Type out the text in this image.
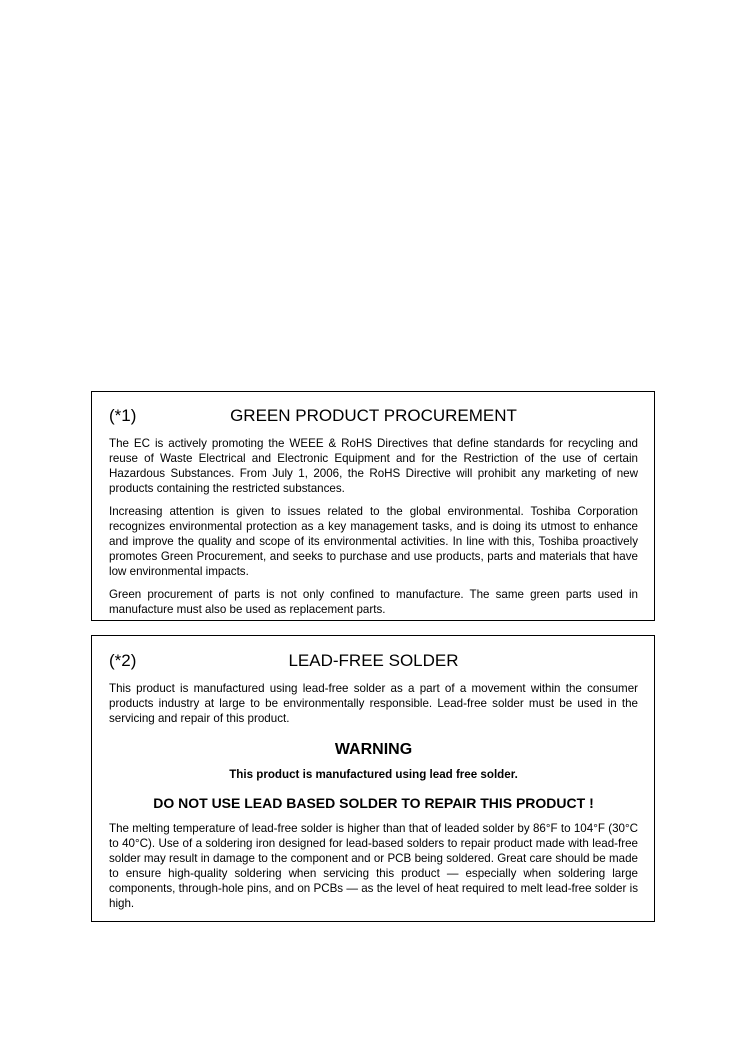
(*1)	GREEN PRODUCT PROCUREMENT

The EC is actively promoting the WEEE & RoHS Directives that define standards for recycling and reuse of Waste Electrical and Electronic Equipment and for the Restriction of the use of certain Hazardous Substances. From July 1, 2006, the RoHS Directive will prohibit any marketing of new products containing the restricted substances.

Increasing attention is given to issues related to the global environmental. Toshiba Corporation recognizes environmental protection as a key management tasks, and is doing its utmost to enhance and improve the quality and scope of its environmental activities. In line with this, Toshiba proactively promotes Green Procurement, and seeks to purchase and use products, parts and materials that have low environmental impacts.

Green procurement of parts is not only confined to manufacture. The same green parts used in manufacture must also be used as replacement parts.

(*2)	LEAD-FREE SOLDER

This product is manufactured using lead-free solder as a part of a movement within the consumer products industry at large to be environmentally responsible. Lead-free solder must be used in the servicing and repair of this product.

WARNING
This product is manufactured using lead free solder.
DO NOT USE LEAD BASED SOLDER TO REPAIR THIS PRODUCT !

The melting temperature of lead-free solder is higher than that of leaded solder by 86°F to 104°F (30°C to 40°C). Use of a soldering iron designed for lead-based solders to repair product made with lead-free solder may result in damage to the component and or PCB being soldered. Great care should be made to ensure high-quality soldering when servicing this product — especially when soldering large components, through-hole pins, and on PCBs — as the level of heat required to melt lead-free solder is high.
